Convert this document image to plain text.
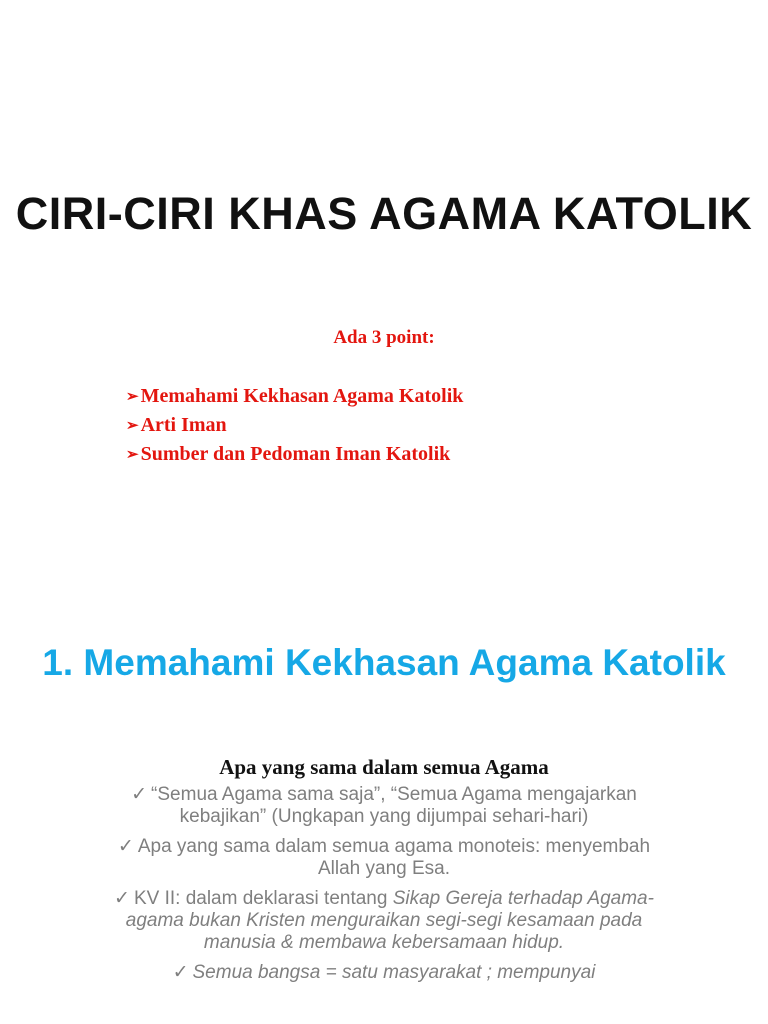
CIRI-CIRI KHAS AGAMA KATOLIK

Ada 3 point:

➢ Memahami Kekhasan Agama Katolik
➢ Arti Iman
➢ Sumber dan Pedoman Iman Katolik
1. Memahami Kekhasan Agama Katolik

Apa yang sama dalam semua Agama

✓ “Semua Agama sama saja”, “Semua Agama mengajarkan kebajikan” (Ungkapan yang dijumpai sehari-hari)
✓ Apa yang sama dalam semua agama monoteis: menyembah Allah yang Esa.
✓ KV II: dalam deklarasi tentang Sikap Gereja terhadap Agama-agama bukan Kristen menguraikan segi-segi kesamaan pada manusia & membawa kebersamaan hidup.
✓ Semua bangsa = satu masyarakat ; mempunyai
